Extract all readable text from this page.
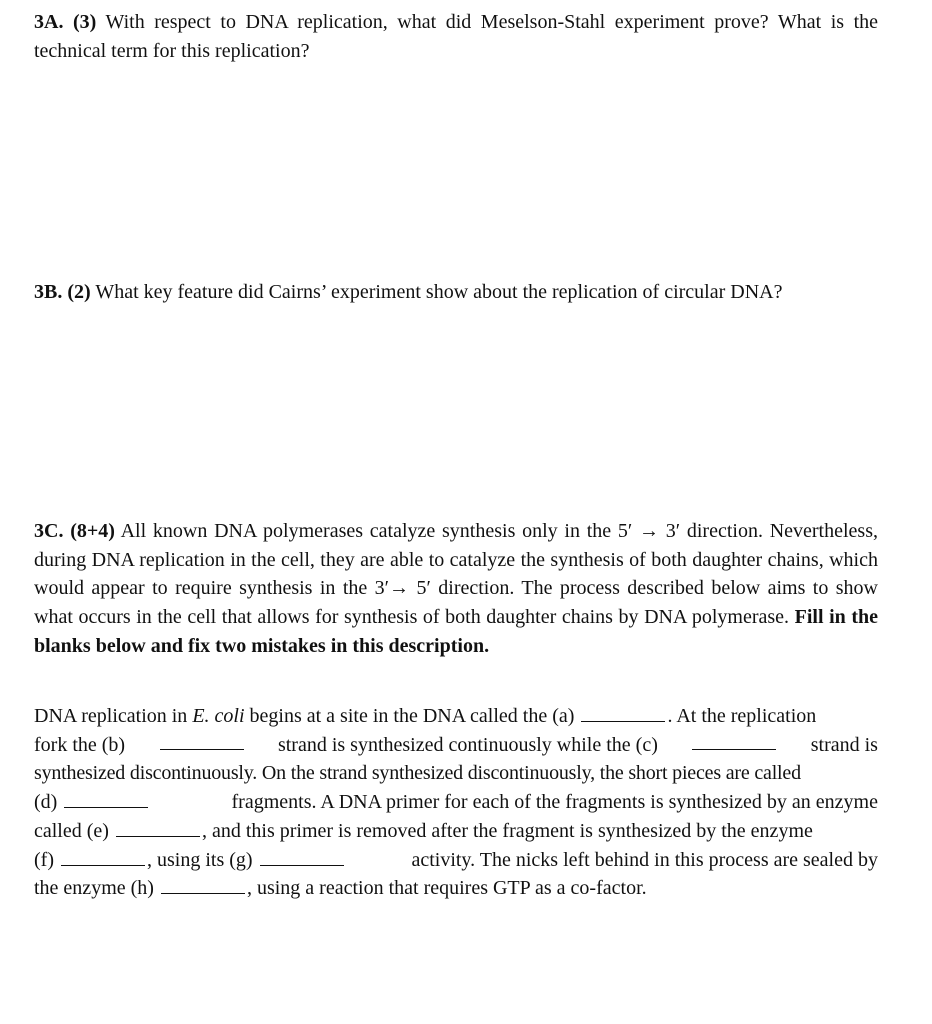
3A. (3) With respect to DNA replication, what did Meselson-Stahl experiment prove? What is the technical term for this replication?
3B. (2) What key feature did Cairns’ experiment show about the replication of circular DNA?
3C. (8+4) All known DNA polymerases catalyze synthesis only in the 5′ → 3′ direction. Nevertheless, during DNA replication in the cell, they are able to catalyze the synthesis of both daughter chains, which would appear to require synthesis in the 3′→ 5′ direction. The process described below aims to show what occurs in the cell that allows for synthesis of both daughter chains by DNA polymerase. Fill in the blanks below and fix two mistakes in this description.
DNA replication in E. coli begins at a site in the DNA called the (a)	. At the replication
fork the (b)	strand is synthesized continuously while the (c)	strand is
synthesized discontinuously. On the strand synthesized discontinuously, the short pieces are called
(d)	fragments. A DNA primer for each of the fragments is synthesized by an enzyme
called (e)	, and this primer is removed after the fragment is synthesized by the enzyme
(f)	, using its (g)	activity. The nicks left behind in this process are sealed by
the enzyme (h)	, using a reaction that requires GTP as a co-factor.
